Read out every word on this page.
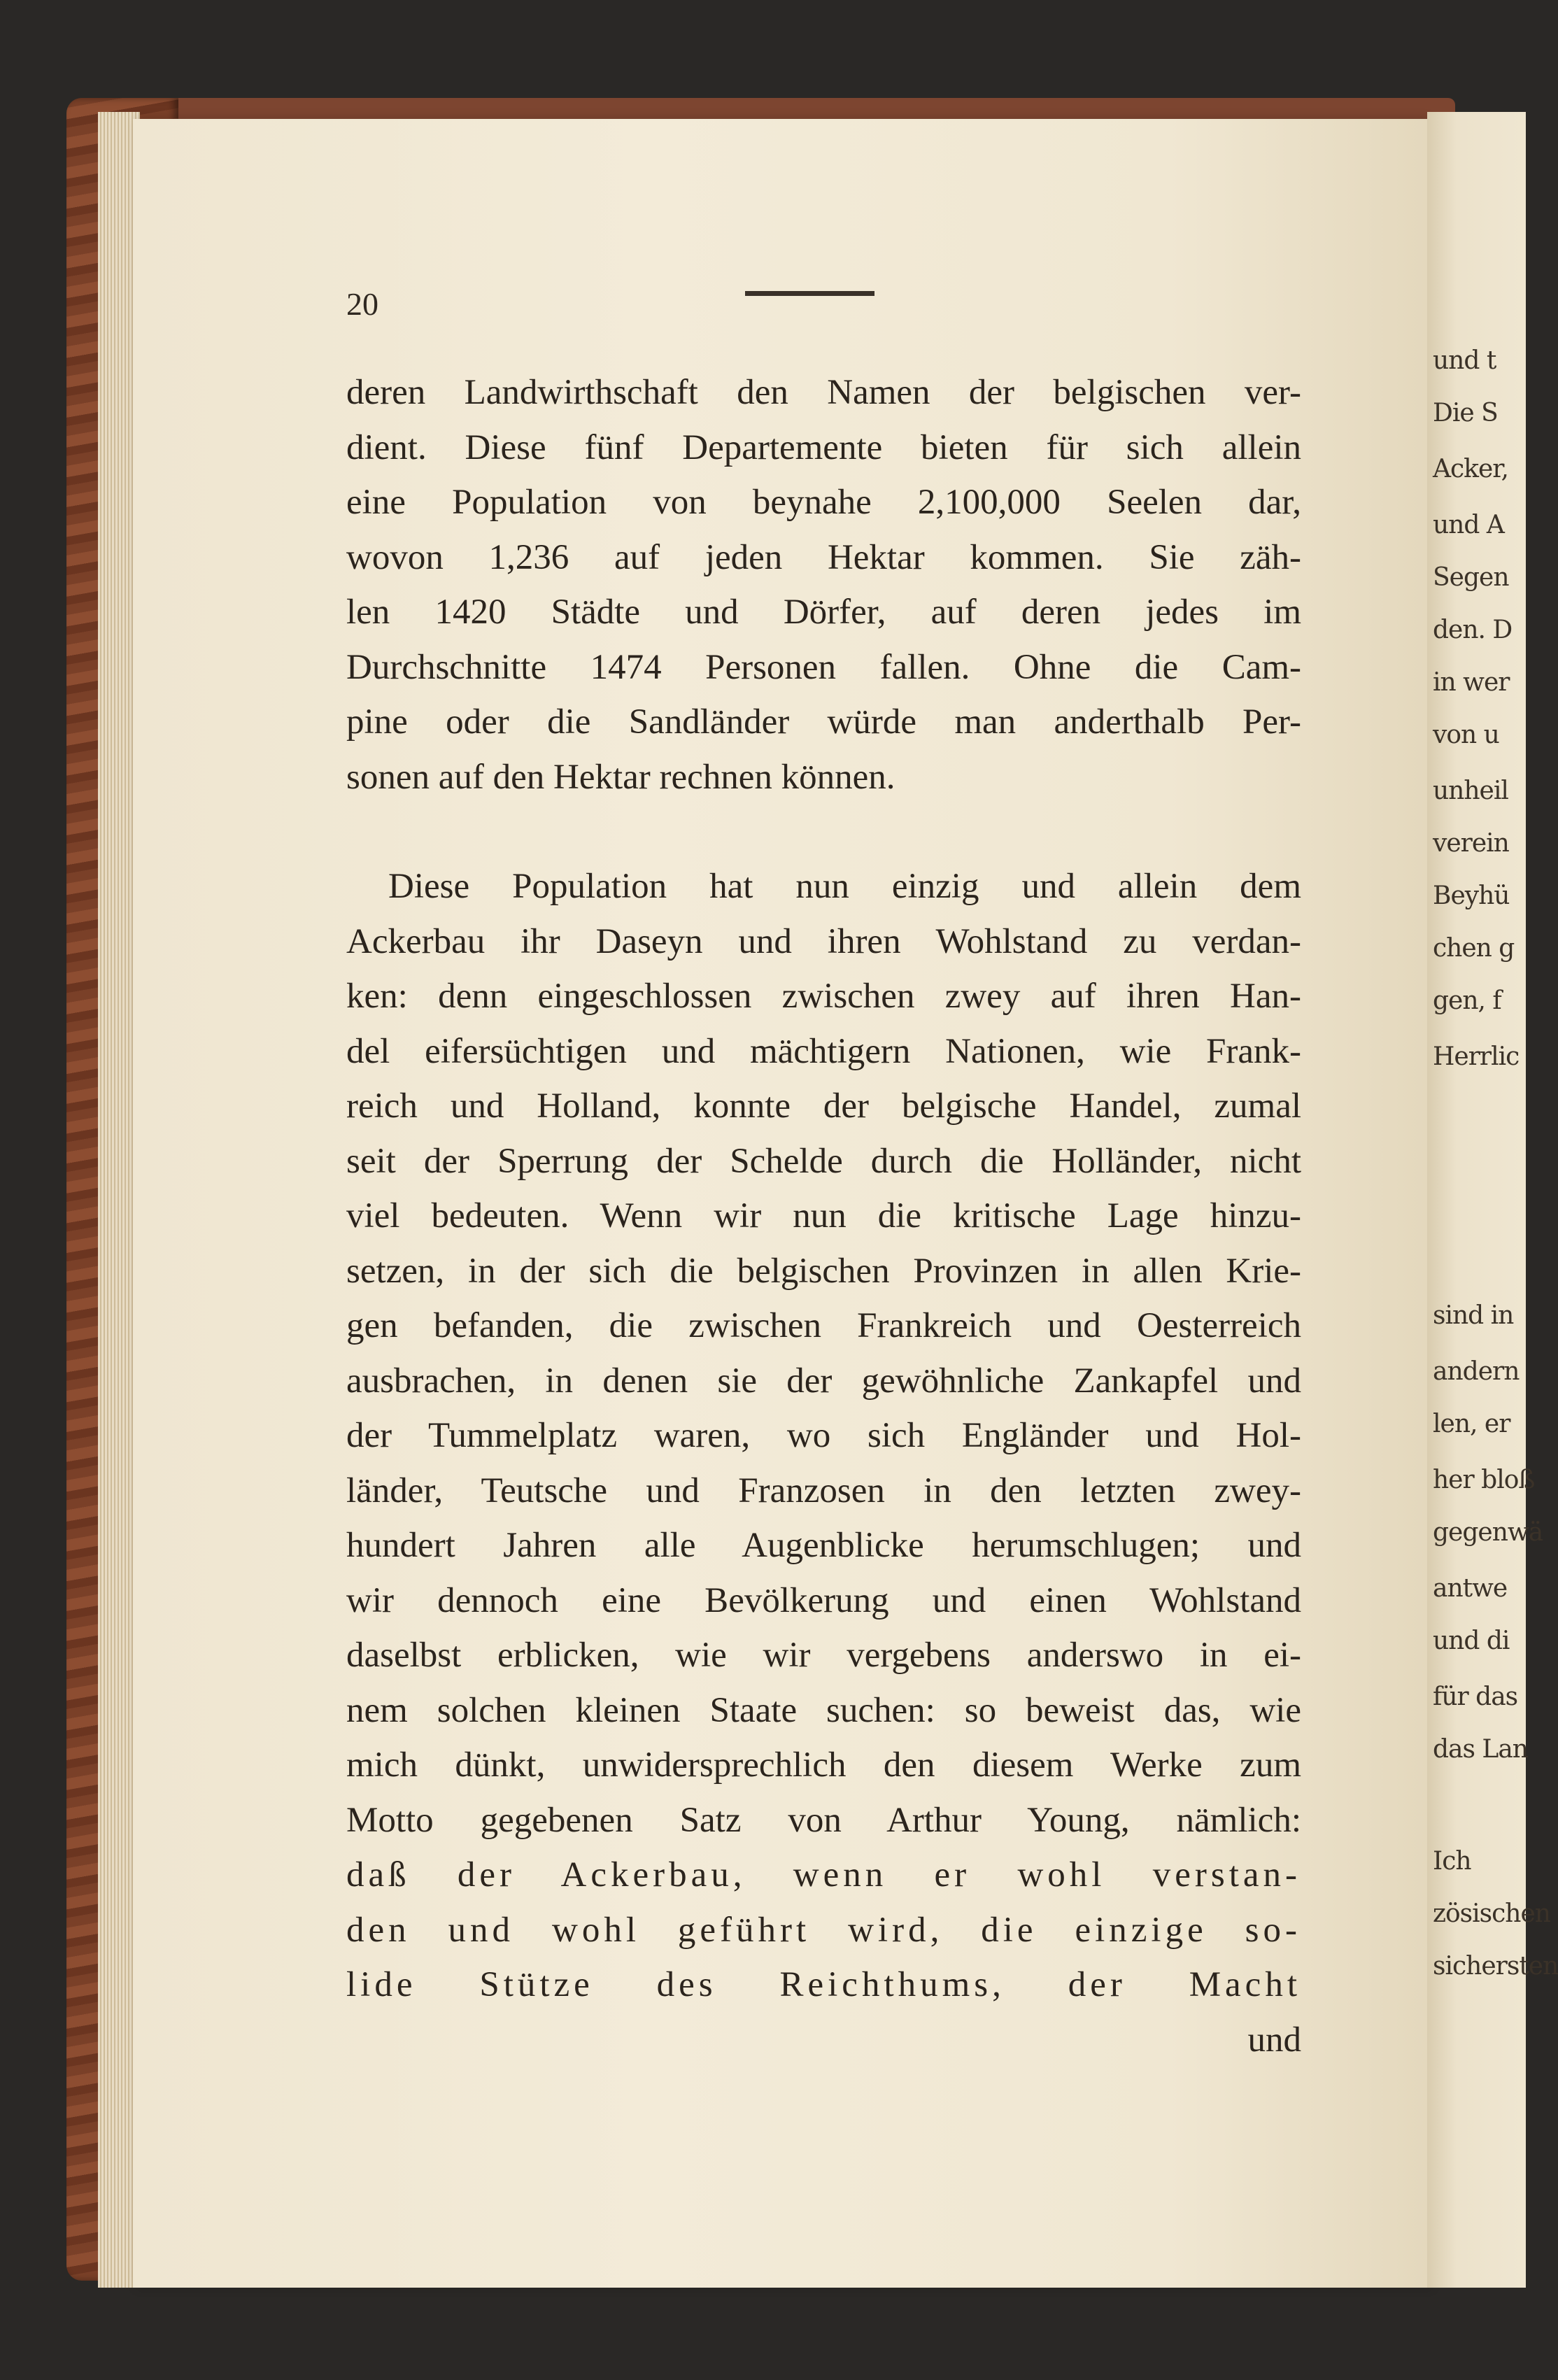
20
deren Landwirthschaft den Namen der belgischen ver-
dient. Diese fünf Departemente bieten für sich allein
eine Population von beynahe 2,100,000 Seelen dar,
wovon 1,236 auf jeden Hektar kommen. Sie zäh-
len 1420 Städte und Dörfer, auf deren jedes im
Durchschnitte 1474 Personen fallen. Ohne die Cam-
pine oder die Sandländer würde man anderthalb Per-
sonen auf den Hektar rechnen können.
Diese Population hat nun einzig und allein dem
Ackerbau ihr Daseyn und ihren Wohlstand zu verdan-
ken: denn eingeschlossen zwischen zwey auf ihren Han-
del eifersüchtigen und mächtigern Nationen, wie Frank-
reich und Holland, konnte der belgische Handel, zumal
seit der Sperrung der Schelde durch die Holländer, nicht
viel bedeuten. Wenn wir nun die kritische Lage hinzu-
setzen, in der sich die belgischen Provinzen in allen Krie-
gen befanden, die zwischen Frankreich und Oesterreich
ausbrachen, in denen sie der gewöhnliche Zankapfel und
der Tummelplatz waren, wo sich Engländer und Hol-
länder, Teutsche und Franzosen in den letzten zwey-
hundert Jahren alle Augenblicke herumschlugen; und
wir dennoch eine Bevölkerung und einen Wohlstand
daselbst erblicken, wie wir vergebens anderswo in ei-
nem solchen kleinen Staate suchen: so beweist das, wie
mich dünkt, unwidersprechlich den diesem Werke zum
Motto gegebenen Satz von Arthur Young, nämlich:
daß der Ackerbau, wenn er wohl verstan-
den und wohl geführt wird, die einzige so-
lide Stütze des Reichthums, der Macht
und
und t
Die S
Acker,
und A
Segen
den. D
in wer
von u
unheil
verein
Beyhü
chen g
gen, f
Herrlic
sind in
andern
len, er
her bloß
gegenwä
antwe
und di
für das
das Lan
Ich
zösischen
sichersten
